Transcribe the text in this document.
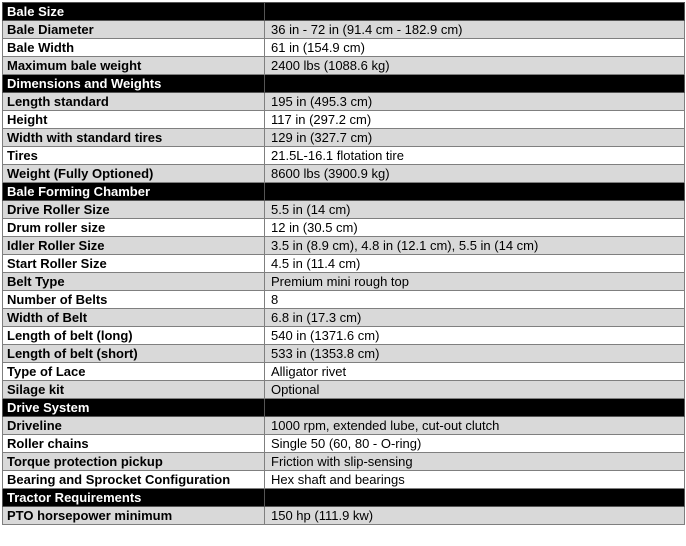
Bale Size	
Bale Diameter	36 in - 72 in (91.4 cm - 182.9 cm)
Bale Width	61 in (154.9 cm)
Maximum bale weight	2400 lbs (1088.6 kg)
Dimensions and Weights	
Length standard	195 in (495.3 cm)
Height	117 in (297.2 cm)
Width with standard tires	129 in (327.7 cm)
Tires	21.5L-16.1 flotation tire
Weight (Fully Optioned)	8600 lbs (3900.9 kg)
Bale Forming Chamber	
Drive Roller Size	5.5 in (14 cm)
Drum roller size	12 in (30.5 cm)
Idler Roller Size	3.5 in (8.9 cm), 4.8 in (12.1 cm), 5.5 in (14 cm)
Start Roller Size	4.5 in (11.4 cm)
Belt Type	Premium mini rough top
Number of Belts	8
Width of Belt	6.8 in (17.3 cm)
Length of belt (long)	540 in (1371.6 cm)
Length of belt (short)	533 in (1353.8 cm)
Type of Lace	Alligator rivet
Silage kit	Optional
Drive System	
Driveline	1000 rpm, extended lube, cut-out clutch
Roller chains	Single 50 (60, 80 - O-ring)
Torque protection pickup	Friction with slip-sensing
Bearing and Sprocket Configuration	Hex shaft and bearings
Tractor Requirements	
PTO horsepower minimum	150 hp (111.9 kw)
